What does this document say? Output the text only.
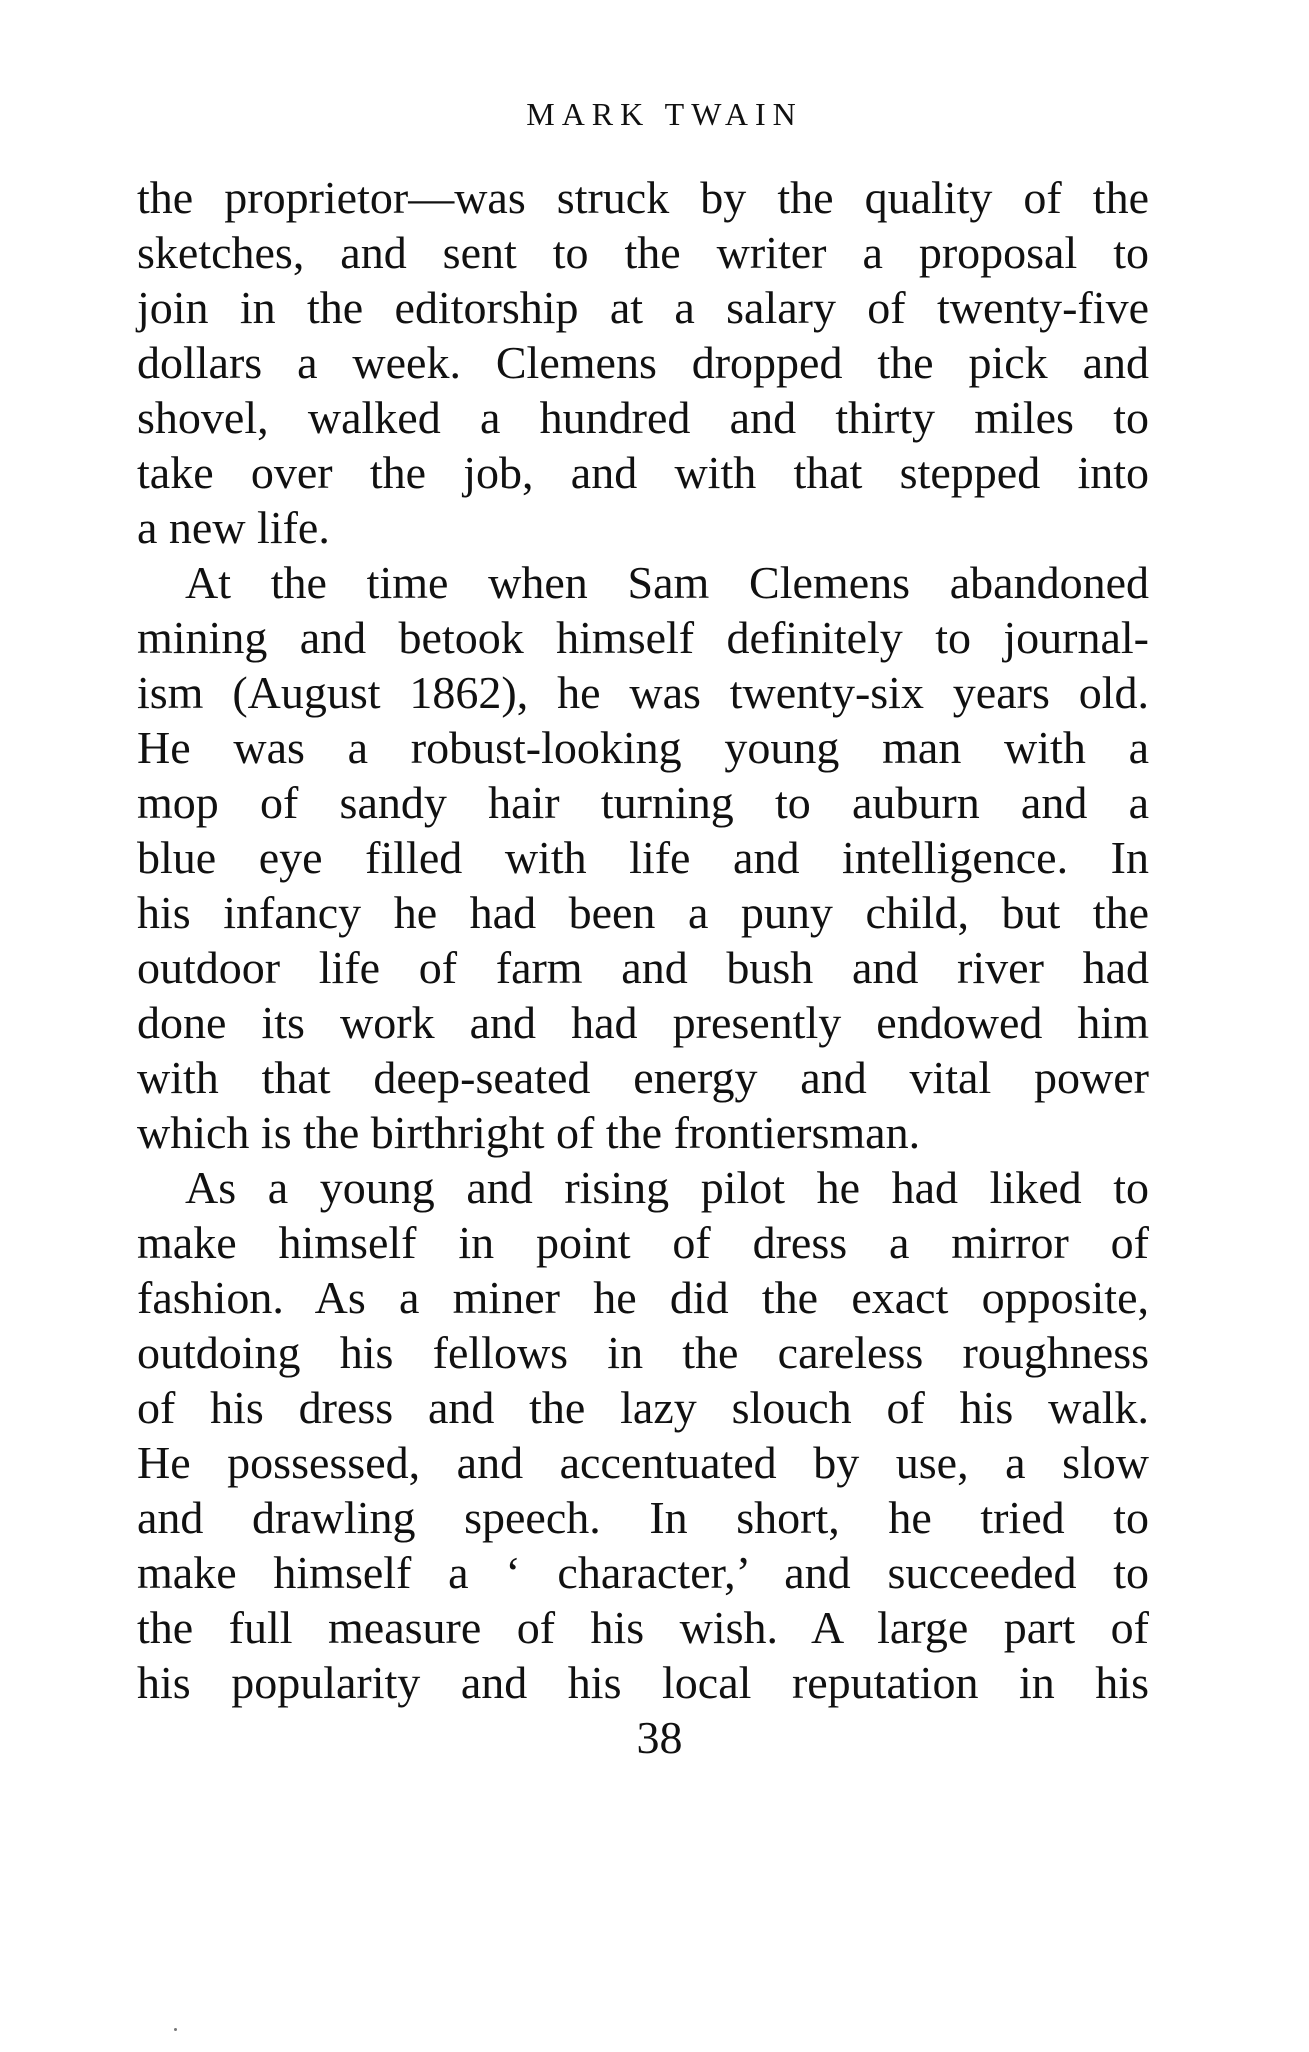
MARK TWAIN
the proprietor—was struck by the quality of the
sketches, and sent to the writer a proposal to
join in the editorship at a salary of twenty-five
dollars a week. Clemens dropped the pick and
shovel, walked a hundred and thirty miles to
take over the job, and with that stepped into
a new life.
At the time when Sam Clemens abandoned
mining and betook himself definitely to journal-
ism (August 1862), he was twenty-six years old.
He was a robust-looking young man with a
mop of sandy hair turning to auburn and a
blue eye filled with life and intelligence. In
his infancy he had been a puny child, but the
outdoor life of farm and bush and river had
done its work and had presently endowed him
with that deep-seated energy and vital power
which is the birthright of the frontiersman.
As a young and rising pilot he had liked to
make himself in point of dress a mirror of
fashion. As a miner he did the exact opposite,
outdoing his fellows in the careless roughness
of his dress and the lazy slouch of his walk.
He possessed, and accentuated by use, a slow
and drawling speech. In short, he tried to
make himself a ‘ character,’ and succeeded to
the full measure of his wish. A large part of
his popularity and his local reputation in his
38
